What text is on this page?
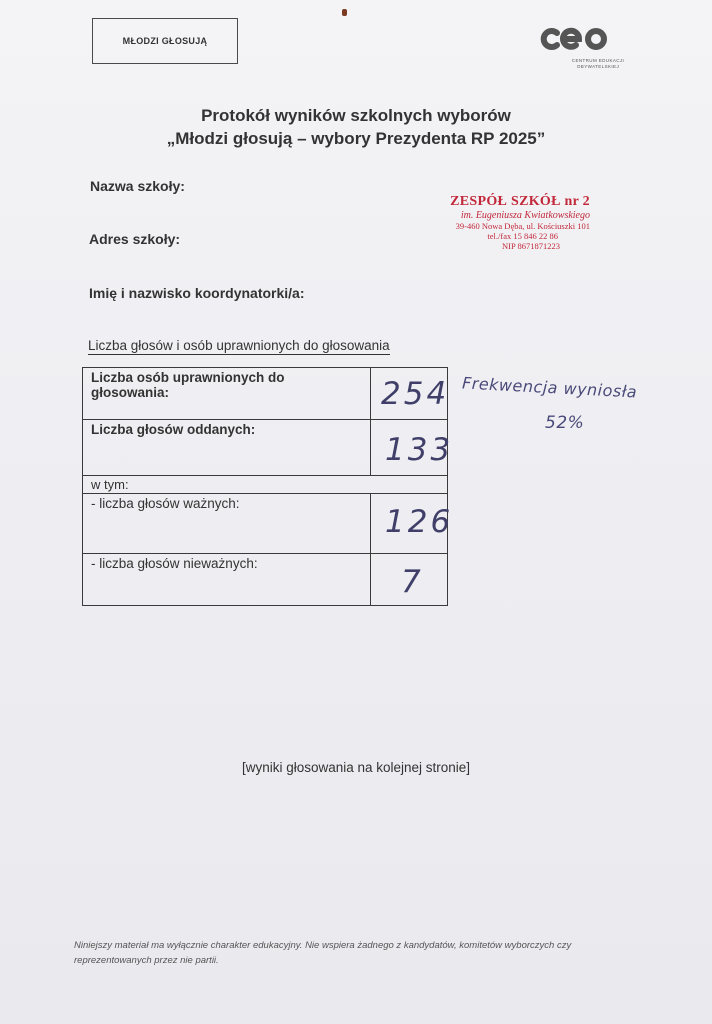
MŁODZI GŁOSUJĄ
CENTRUM EDUKACJI
OBYWATELSKIEJ
Protokół wyników szkolnych wyborów
„Młodzi głosują – wybory Prezydenta RP 2025”
Nazwa szkoły:
Adres szkoły:
Imię i nazwisko koordynatorki/a:
ZESPÓŁ SZKÓŁ nr 2
im. Eugeniusza Kwiatkowskiego
39-460 Nowa Dęba, ul. Kościuszki 101
tel./fax 15 846 22 86
NIP 8671871223
Liczba głosów i osób uprawnionych do głosowania
Liczba osób uprawnionych do głosowania:	254

Liczba głosów oddanych:	133

w tym:	
- liczba głosów ważnych:	126

- liczba głosów nieważnych:	7
Frekwencja wyniosła
52%
[wyniki głosowania na kolejnej stronie]
Niniejszy materiał ma wyłącznie charakter edukacyjny. Nie wspiera żadnego z kandydatów, komitetów wyborczych czy reprezentowanych przez nie partii.
